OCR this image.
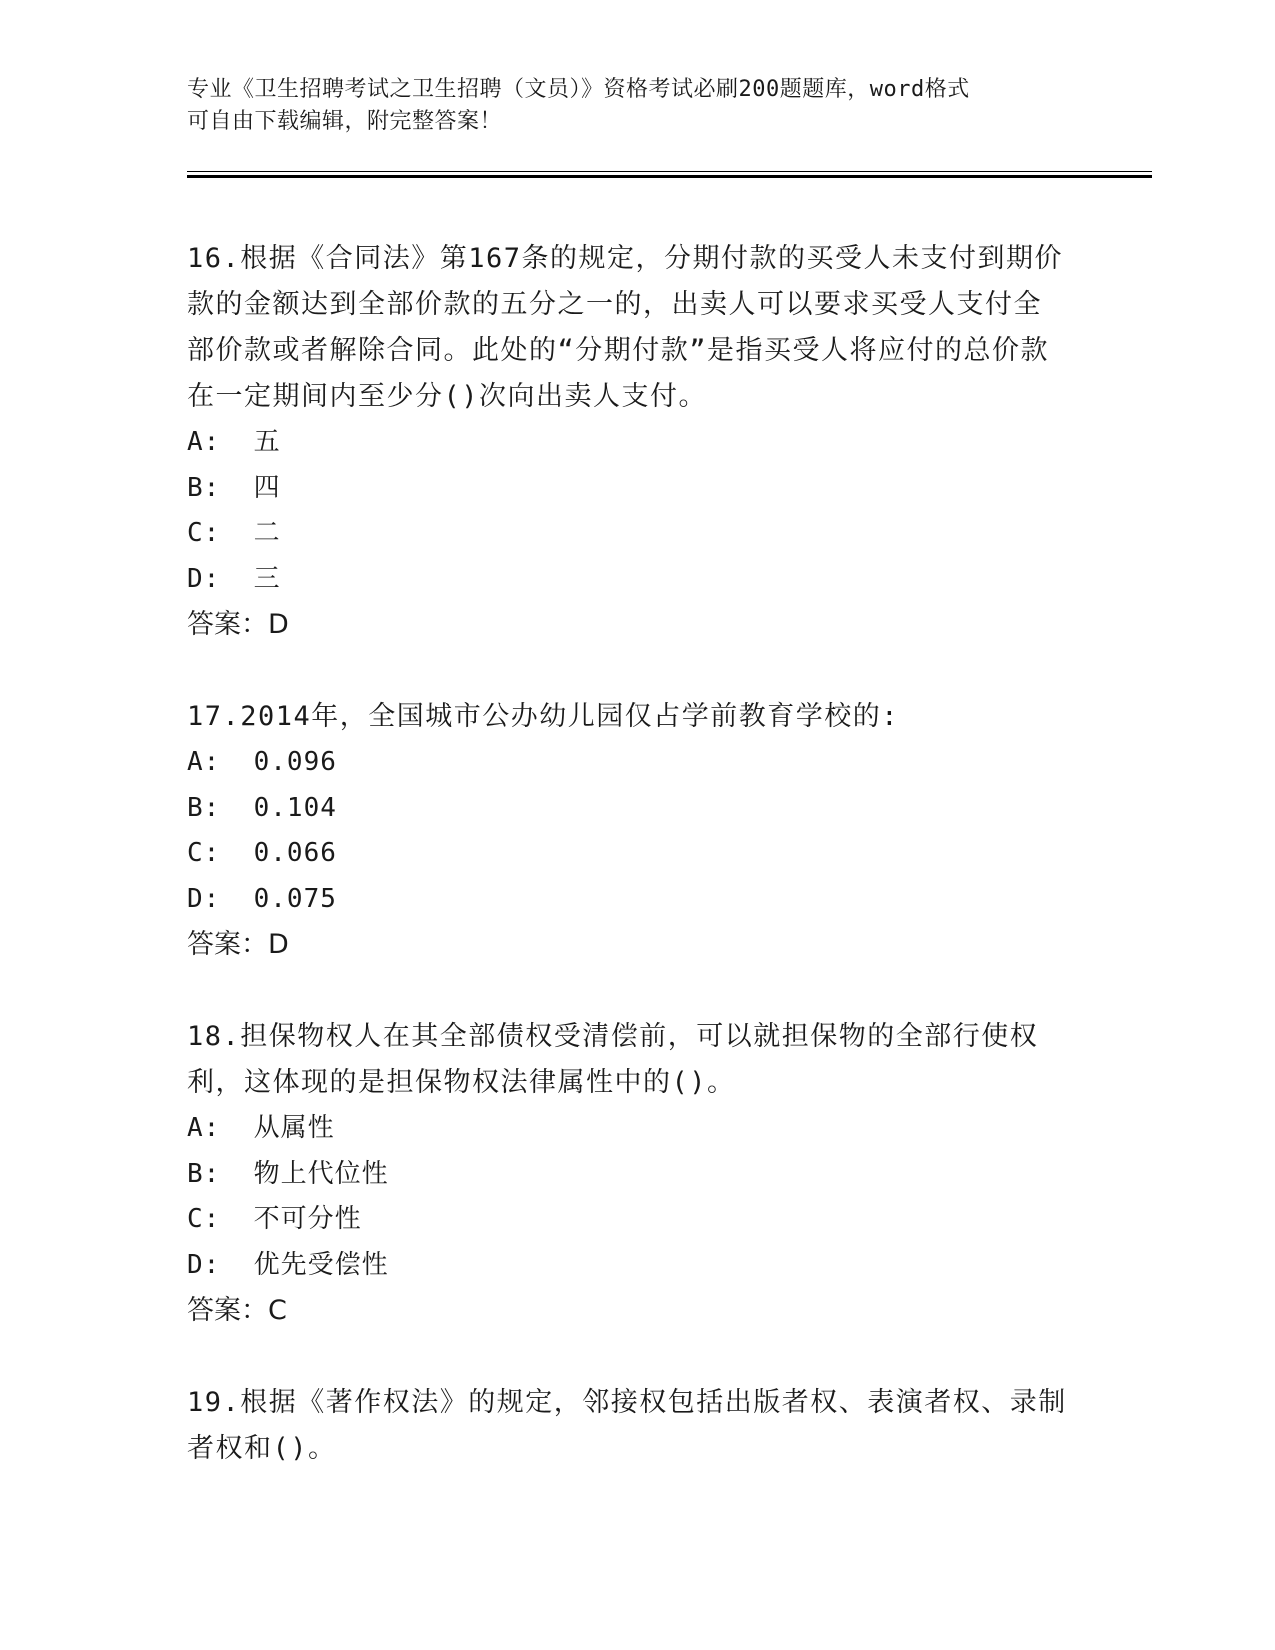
专业《卫生招聘考试之卫生招聘（文员）》资格考试必刷200题题库，word格式
可自由下载编辑，附完整答案！

16.根据《合同法》第167条的规定，分期付款的买受人未支付到期价款的金额达到全部价款的五分之一的，出卖人可以要求买受人支付全部价款或者解除合同。此处的“分期付款”是指买受人将应付的总价款在一定期间内至少分()次向出卖人支付。

A:  五

B:  四

C:  二

D:  三

答案：D

17.2014年，全国城市公办幼儿园仅占学前教育学校的:

A:  0.096

B:  0.104

C:  0.066

D:  0.075

答案：D

18.担保物权人在其全部债权受清偿前，可以就担保物的全部行使权利，这体现的是担保物权法律属性中的()。

A:  从属性

B:  物上代位性

C:  不可分性

D:  优先受偿性

答案：C

19.根据《著作权法》的规定，邻接权包括出版者权、表演者权、录制者权和()。
